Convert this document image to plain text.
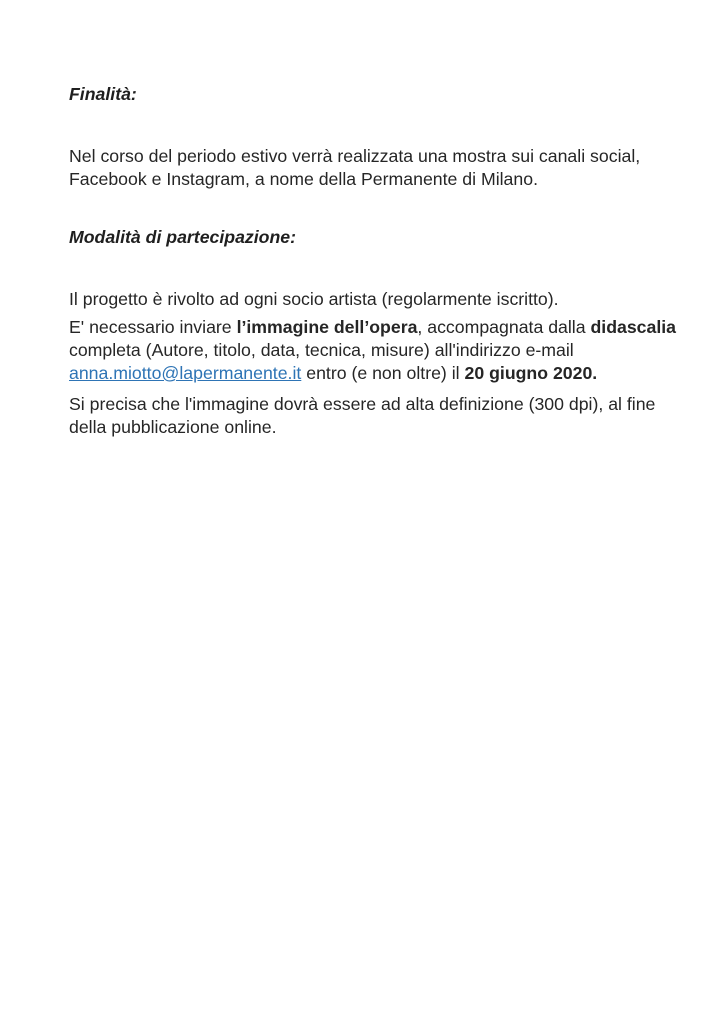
Finalità:
Nel corso del periodo estivo verrà realizzata una mostra sui canali social,
Facebook e Instagram, a nome della Permanente di Milano.
Modalità di partecipazione:
Il progetto è rivolto ad ogni socio artista (regolarmente iscritto).
E' necessario inviare l’immagine dell’opera, accompagnata dalla didascalia
completa (Autore, titolo, data, tecnica, misure) all'indirizzo e-mail
anna.miotto@lapermanente.it entro (e non oltre) il 20 giugno 2020.
Si precisa che l'immagine dovrà essere ad alta definizione (300 dpi), al fine
della pubblicazione online.
